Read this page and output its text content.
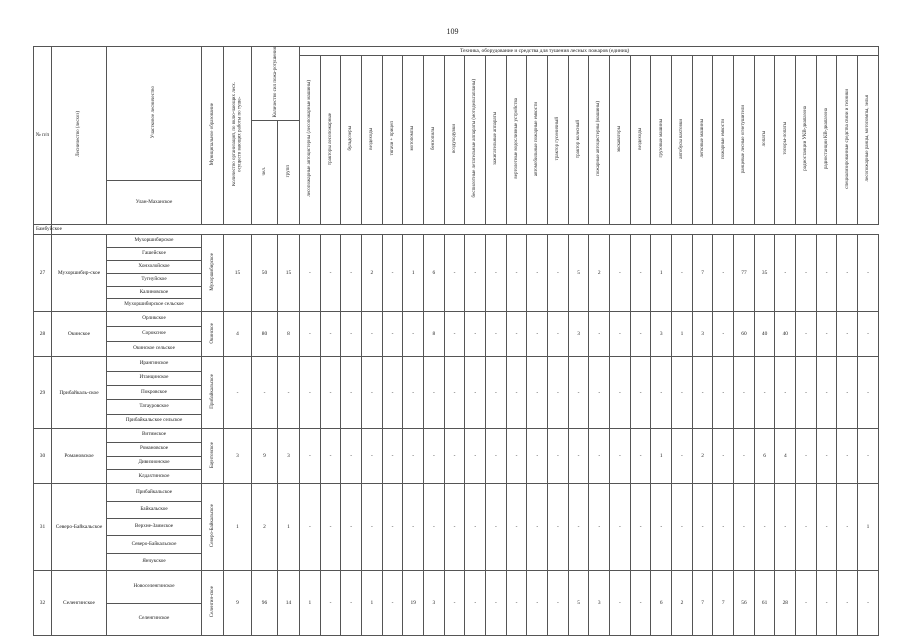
109
№ п/п	Лесничество (лесхоз)	Участковое лесничество	Муниципальное образование	Количество организаций, по вклю-чающих лесх. осуществ вающих работы по туше-	Количество сил пожа-ротушения		Техника, оборудование и средства для тушения лесных пожаров (единиц)																											
							лесопожарные автоцистерны (лесопожарные машины)	тракторы лесопожарные	бульдозеры	вездеходы	тягачи + прицеп	мотопомпы	бензопилы	воздуходувки	беспилотные летательные аппараты (мотодельтапланы)	зажигательные аппараты	вертолетные водосливные устройства	автомобильные пожарные емкости	трактор гусеничный	трактор колесный	пожарные автоцистерны (машины)	экскаваторы	вездеходы	грузовые машины	автобусы вахтовки	легковые машины	пожарные емкости	ранцевые лесные огнетушители	лопаты	топоры-лопаты	радиостанции УКВ-диапазона	радиостанции КВ-диапазона	специализированные средства связи и техники	лесопожарные ранцы, мотопомпы, зелья
					чел.	групп																												
		Улан-Маханское																																
Бамбуйское																																		
27	Мухоршибир-ское	Мухоршибирское	Мухоршибирское	15	50	15	-	-	-	2	-	1	6	-	-	-	-	-	-	5	2	-	-	1	-	7	-	77	35	-	-	-	-	-
		Гашейское																																
		Хонхолойское																																
		Тугнуйское																																
		Калиновское																																
		Мухоршибирское сельское																																
28	Окинское	Орликское	Окинское	4	80	8	-	-	-	-	-	-	8	-	-	-	-	-	-	3	-	-	-	3	1	3	-	60	40	40	-	-	-	-
		Сороксное																																
		Окинское сельское																																
29	Прибайкаль-ское	Ирангинское	Прибайкальское	-	-	-	-	-	-	-	-	-	-	-	-	-	-	-	-	-	-	-	-	-	-	-	-	-	-	-	-	-	-	-
		Итанцинское																																
		Покровское																																
		Татауровское																																
		Прибайкальское сельское																																
30	Романовское	Витимское	Баунтовское	3	9	3	-	-	-	-	-	-	-	-	-	-	-	-	-	-	-	-	-	1	-	2	-	-	6	4	-	-	-	-
		Романовское																																
		Дивизионское																																
		Клдахтинское																																
31	Северо-Байкальское	Прибайкальское	Северо-Байкальское	1	2	1	-	-	-	-	-	-	-	-	-	-	-	-	-	-	-	-	-	-	-	-	-	-	-	-	-	-	-	1
		Байкальское																																
		Верхне-Заимское																																
		Северо-Байкальское																																
		Янчукское																																
32	Селенгинское	Новоселенгинское	Селенгин-ское	9	96	14	1	-	-	1	-	19	3	-	-	-	-	-	-	5	3	-	-	6	2	7	7	56	61	28	-	-	-	-
		Селенгинское																																
